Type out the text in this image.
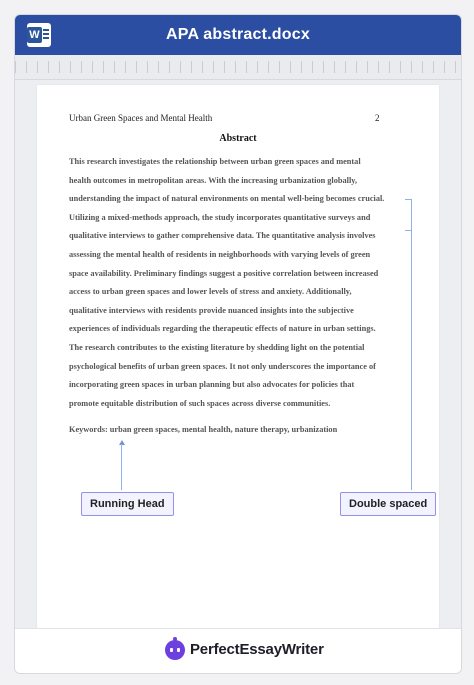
W	APA abstract.docx
Urban Green Spaces and Mental Health	2
Abstract

This research investigates the relationship between urban green spaces and mental
health outcomes in metropolitan areas. With the increasing urbanization globally,
understanding the impact of natural environments on mental well-being becomes crucial.
Utilizing a mixed-methods approach, the study incorporates quantitative surveys and
qualitative interviews to gather comprehensive data. The quantitative analysis involves
assessing the mental health of residents in neighborhoods with varying levels of green
space availability. Preliminary findings suggest a positive correlation between increased
access to urban green spaces and lower levels of stress and anxiety. Additionally,
qualitative interviews with residents provide nuanced insights into the subjective
experiences of individuals regarding the therapeutic effects of nature in urban settings.
The research contributes to the existing literature by shedding light on the potential
psychological benefits of urban green spaces. It not only underscores the importance of
incorporating green spaces in urban planning but also advocates for policies that
promote equitable distribution of such spaces across diverse communities.

Keywords: urban green spaces, mental health, nature therapy, urbanization
Running Head	Double spaced
PerfectEssayWriter
